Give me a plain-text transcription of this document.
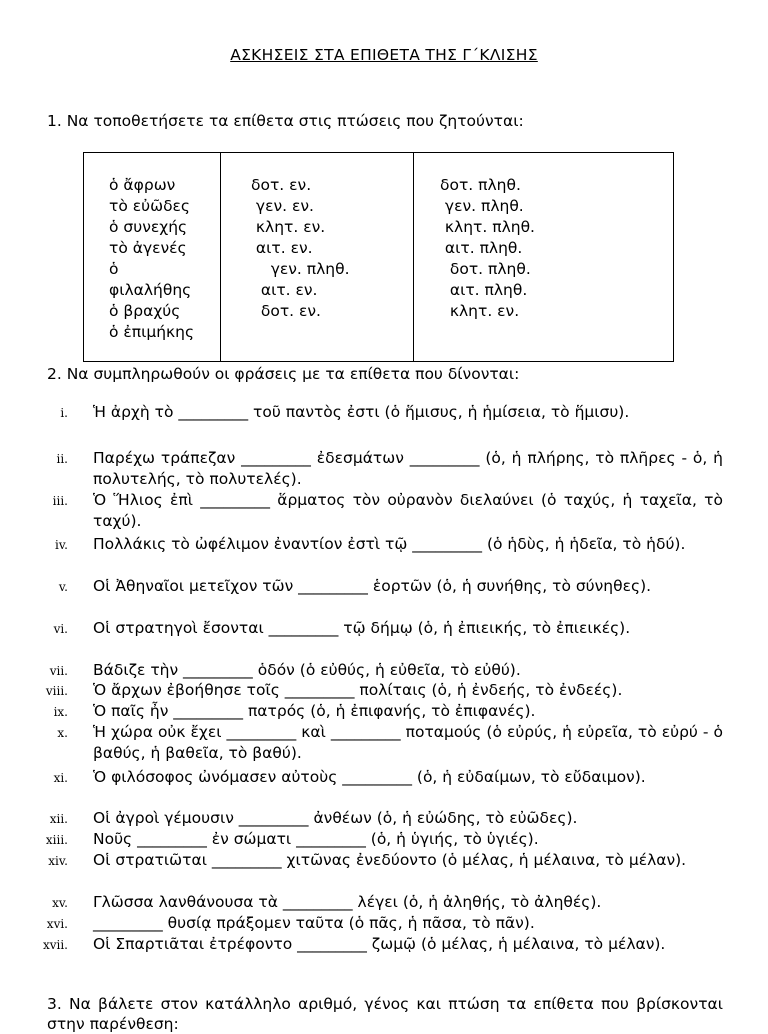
ΑΣΚΗΣΕΙΣ ΣΤΑ ΕΠΙΘΕΤΑ ΤΗΣ Γ΄ΚΛΙΣΗΣ
1. Να τοποθετήσετε τα επίθετα στις πτώσεις που ζητούνται:
ὁ ἄφρων
τὸ εὐῶδες
ὁ συνεχής
τὸ ἀγενές
ὁ
φιλαλήθης
ὁ βραχύς
ὁ ἐπιμήκης
δοτ. εν.
γεν. εν.
κλητ. εν.
αιτ. εν.
γεν. πληθ.
αιτ. εν.
δοτ. εν.
δοτ. πληθ.
γεν. πληθ.
κλητ. πληθ.
αιτ. πληθ.
δοτ. πληθ.
αιτ. πληθ.
κλητ. εν.
2. Να συμπληρωθούν οι φράσεις με τα επίθετα που δίνονται:
i. Ἡ ἀρχὴ τὸ _________ τοῦ παντὸς ἐστι (ὁ ἥμισυς, ἡ ἡμίσεια, τὸ ἥμισυ).
ii. Παρέχω τράπεζαν _________ ἐδεσμάτων _________ (ὁ, ἡ πλήρης, τὸ πλῆρες - ὁ, ἡ πολυτελής, τὸ πολυτελές).
iii. Ὁ Ἥλιος ἐπὶ _________ ἅρματος τὸν οὐρανὸν διελαύνει (ὁ ταχύς, ἡ ταχεῖα, τὸ ταχύ).
iv. Πολλάκις τὸ ὠφέλιμον ἐναντίον ἐστὶ τῷ _________ (ὁ ἡδὺς, ἡ ἡδεῖα, τὸ ἡδύ).
v. Οἱ Ἀθηναῖοι μετεῖχον τῶν _________ ἑορτῶν (ὁ, ἡ συνήθης, τὸ σύνηθες).
vi. Οἱ στρατηγοὶ ἔσονται _________ τῷ δήμῳ (ὁ, ἡ ἐπιεικής, τὸ ἐπιεικές).
vii. Βάδιζε τὴν _________ ὁδόν (ὁ εὐθύς, ἡ εὐθεῖα, τὸ εὐθύ).
viii. Ὁ ἄρχων ἐβοήθησε τοῖς _________ πολίταις (ὁ, ἡ ἐνδεής, τὸ ἐνδεές).
ix. Ὁ παῖς ἦν _________ πατρός (ὁ, ἡ ἐπιφανής, τὸ ἐπιφανές).
x. Ἡ χώρα οὐκ ἔχει _________ καὶ _________ ποταμούς (ὁ εὐρύς, ἡ εὐρεῖα, τὸ εὐρύ - ὁ βαθύς, ἡ βαθεῖα, τὸ βαθύ).
xi. Ὁ φιλόσοφος ὠνόμασεν αὐτοὺς _________ (ὁ, ἡ εὐδαίμων, τὸ εὔδαιμον).
xii. Οἱ ἀγροὶ γέμουσιν _________ ἀνθέων (ὁ, ἡ εὐώδης, τὸ εὐῶδες).
xiii. Νοῦς _________ ἐν σώματι _________ (ὁ, ἡ ὑγιής, τὸ ὑγιές).
xiv. Οἱ στρατιῶται _________ χιτῶνας ἐνεδύοντο (ὁ μέλας, ἡ μέλαινα, τὸ μέλαν).
xv. Γλῶσσα λανθάνουσα τὰ _________ λέγει (ὁ, ἡ ἀληθής, τὸ ἀληθές).
xvi. _________ θυσίᾳ πράξομεν ταῦτα (ὁ πᾶς, ἡ πᾶσα, τὸ πᾶν).
xvii. Οἱ Σπαρτιᾶται ἐτρέφοντο _________ ζωμῷ (ὁ μέλας, ἡ μέλαινα, τὸ μέλαν).
3. Να βάλετε στον κατάλληλο αριθμό, γένος και πτώση τα επίθετα που βρίσκονται στην παρένθεση:
